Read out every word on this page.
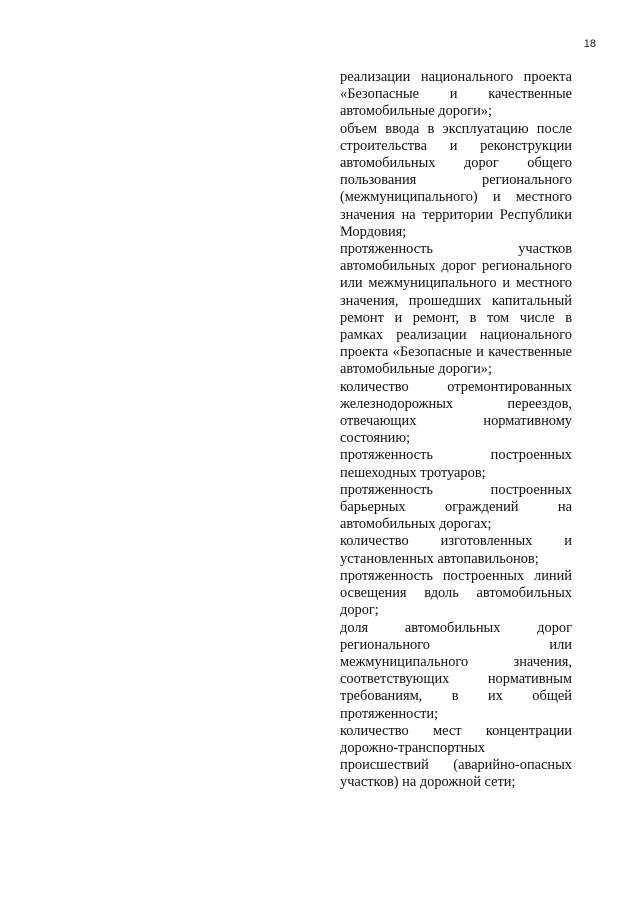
18

реализации национального проекта «Безопасные и качественные автомобильные дороги»;

объем ввода в эксплуатацию после строительства и реконструкции автомобильных дорог общего пользования регионального (межмуниципального) и местного значения на территории Республики Мордовия;

протяженность участков автомобильных дорог регионального или межмуниципального и местного значения, прошедших капитальный ремонт и ремонт, в том числе в рамках реализации национального проекта «Безопасные и качественные автомобильные дороги»;

количество отремонтированных железнодорожных переездов, отвечающих нормативному состоянию;

протяженность построенных пешеходных тротуаров;

протяженность построенных барьерных ограждений на автомобильных дорогах;

количество изготовленных и установленных автопавильонов;

протяженность построенных линий освещения вдоль автомобильных дорог;

доля автомобильных дорог регионального или межмуниципального значения, соответствующих нормативным требованиям, в их общей протяженности;

количество мест концентрации дорожно-транспортных происшествий (аварийно-опасных участков) на дорожной сети;
